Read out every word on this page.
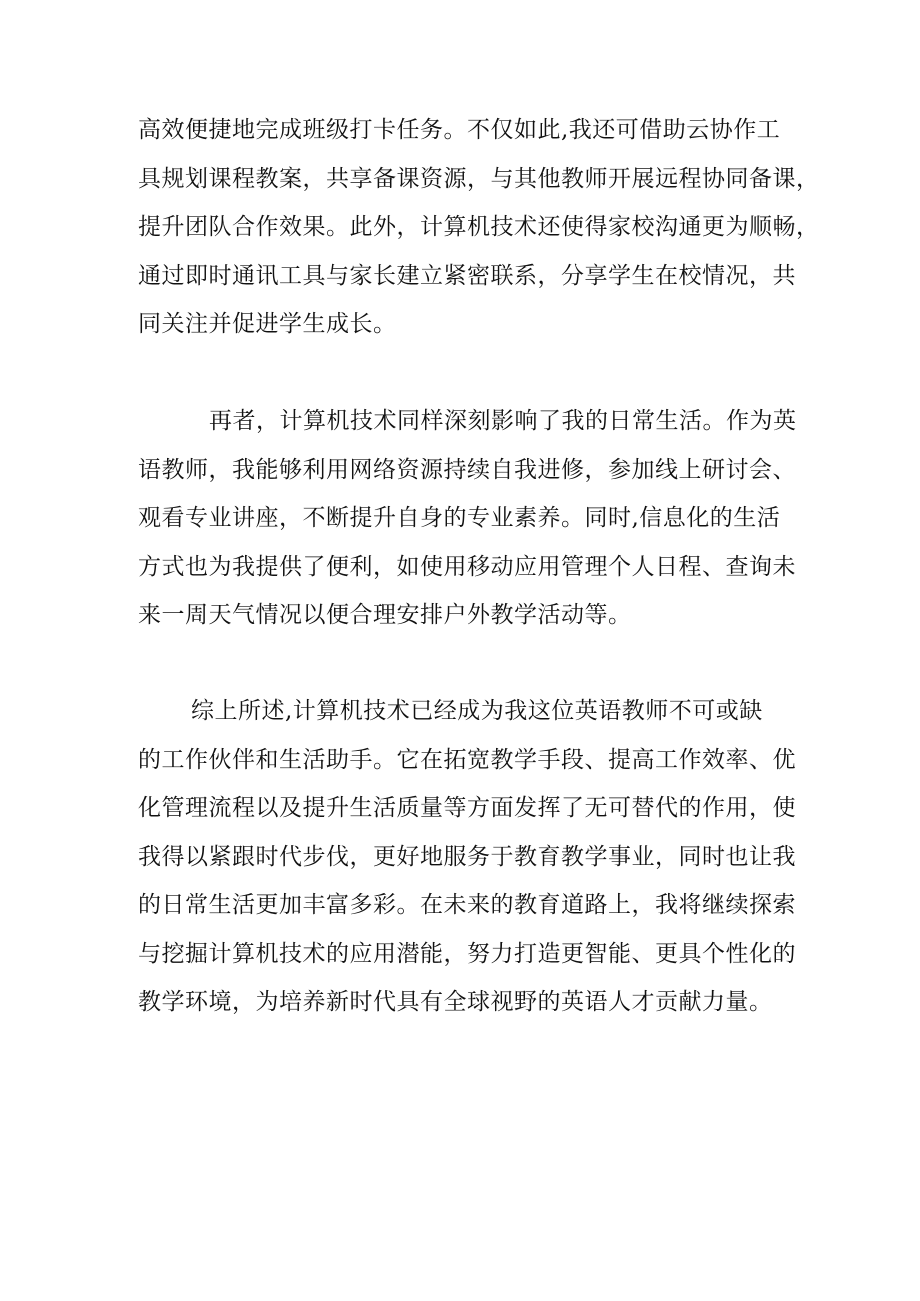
高效便捷地完成班级打卡任务。不仅如此,我还可借助云协作工
具规划课程教案，共享备课资源，与其他教师开展远程协同备课，
提升团队合作效果。此外，计算机技术还使得家校沟通更为顺畅，
通过即时通讯工具与家长建立紧密联系，分享学生在校情况，共
同关注并促进学生成长。

再者，计算机技术同样深刻影响了我的日常生活。作为英
语教师，我能够利用网络资源持续自我进修，参加线上研讨会、
观看专业讲座，不断提升自身的专业素养。同时,信息化的生活
方式也为我提供了便利，如使用移动应用管理个人日程、查询未
来一周天气情况以便合理安排户外教学活动等。

综上所述,计算机技术已经成为我这位英语教师不可或缺
的工作伙伴和生活助手。它在拓宽教学手段、提高工作效率、优
化管理流程以及提升生活质量等方面发挥了无可替代的作用，使
我得以紧跟时代步伐，更好地服务于教育教学事业，同时也让我
的日常生活更加丰富多彩。在未来的教育道路上，我将继续探索
与挖掘计算机技术的应用潜能，努力打造更智能、更具个性化的
教学环境，为培养新时代具有全球视野的英语人才贡献力量。
